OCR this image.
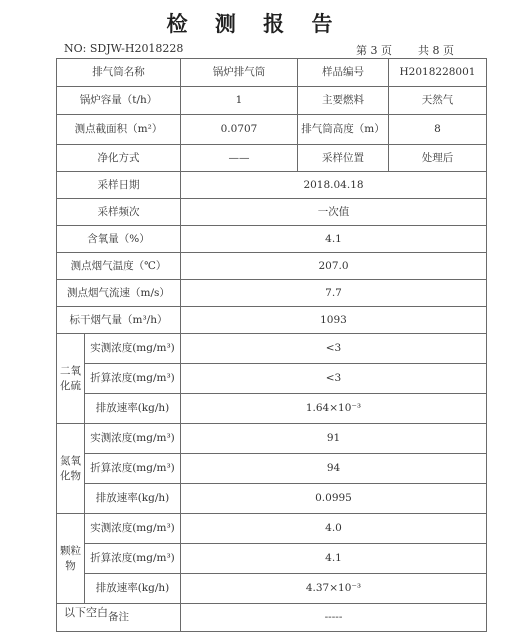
检 测 报 告
NO: SDJW-H2018228	第 3 页 共 8 页
排气筒名称		锅炉排气筒	样品编号	H2018228001
锅炉容量（t/h）		1	主要燃料	天然气
测点截面积（m²）		0.0707	排气筒高度（m）	8
净化方式		——	采样位置	处理后
采样日期		2018.04.18		
采样频次		一次值		
含氧量（%）		4.1		
测点烟气温度（℃）		207.0		
测点烟气流速（m/s）		7.7		
标干烟气量（m³/h）		1093		
二氧化硫	实测浓度(mg/m³)	<3		
	折算浓度(mg/m³)	<3		
	排放速率(kg/h)	1.64×10⁻³		
氮氧化物	实测浓度(mg/m³)	91		
	折算浓度(mg/m³)	94		
	排放速率(kg/h)	0.0995		
颗粒物	实测浓度(mg/m³)	4.0		
	折算浓度(mg/m³)	4.1		
	排放速率(kg/h)	4.37×10⁻³		
备注		-----		
以下空白
